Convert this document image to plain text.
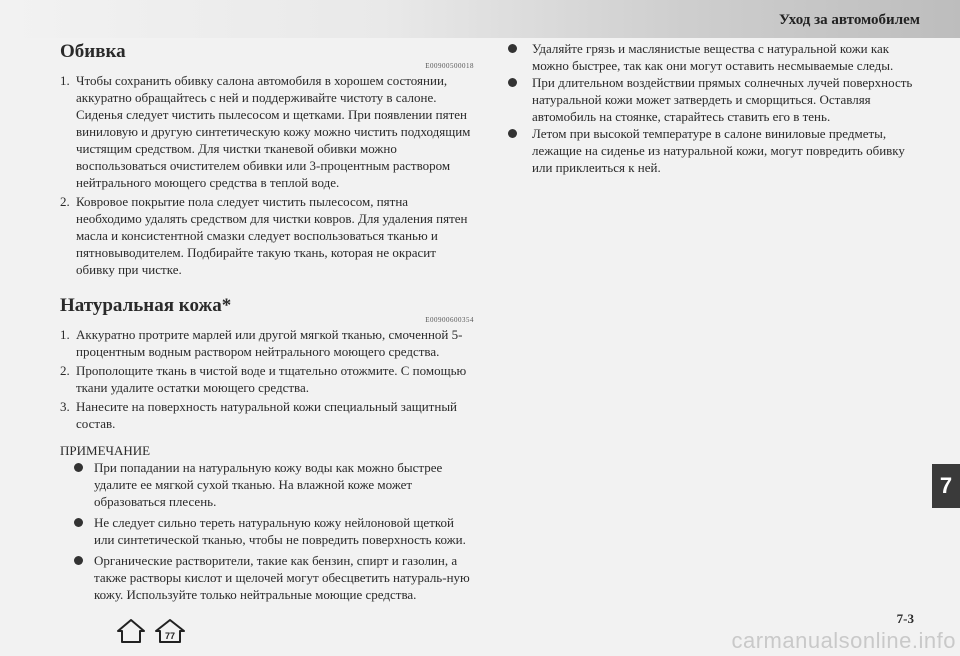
Уход за автомобилем
Обивка
E00900500018
1. Чтобы сохранить обивку салона автомобиля в хорошем состоянии, аккуратно обращайтесь с ней и поддерживайте чистоту в салоне. Сиденья следует чистить пылесосом и щетками. При появлении пятен виниловую и другую синтетическую кожу можно чистить подходящим чистящим средством. Для чистки тканевой обивки можно воспользоваться очистителем обивки или 3-процентным раствором нейтрального моющего средства в теплой воде.
2. Ковровое покрытие пола следует чистить пылесосом, пятна необходимо удалять средством для чистки ковров. Для удаления пятен масла и консистентной смазки следует воспользоваться тканью и пятновыводителем. Подбирайте такую ткань, которая не окрасит обивку при чистке.
Натуральная кожа*
E00900600354
1. Аккуратно протрите марлей или другой мягкой тканью, смоченной 5-процентным водным раствором нейтрального моющего средства.
2. Прополощите ткань в чистой воде и тщательно отожмите. С помощью ткани удалите остатки моющего средства.
3. Нанесите на поверхность натуральной кожи специальный защитный состав.
ПРИМЕЧАНИЕ
При попадании на натуральную кожу воды как можно быстрее удалите ее мягкой сухой тканью. На влажной коже может образоваться плесень.
Не следует сильно тереть натуральную кожу нейлоновой щеткой или синтетической тканью, чтобы не повредить поверхность кожи.
Органические растворители, такие как бензин, спирт и газолин, а также растворы кислот и щелочей могут обесцветить натураль-ную кожу. Используйте только нейтральные моющие средства.
Удаляйте грязь и маслянистые вещества с натуральной кожи как можно быстрее, так как они могут оставить несмываемые следы.
При длительном воздействии прямых солнечных лучей поверхность натуральной кожи может затвердеть и сморщиться. Оставляя автомобиль на стоянке, старайтесь ставить его в тень.
Летом при высокой температуре в салоне виниловые предметы, лежащие на сиденье из натуральной кожи, могут повредить обивку или приклеиться к ней.
7
7-3
77	carmanualsonline.info
